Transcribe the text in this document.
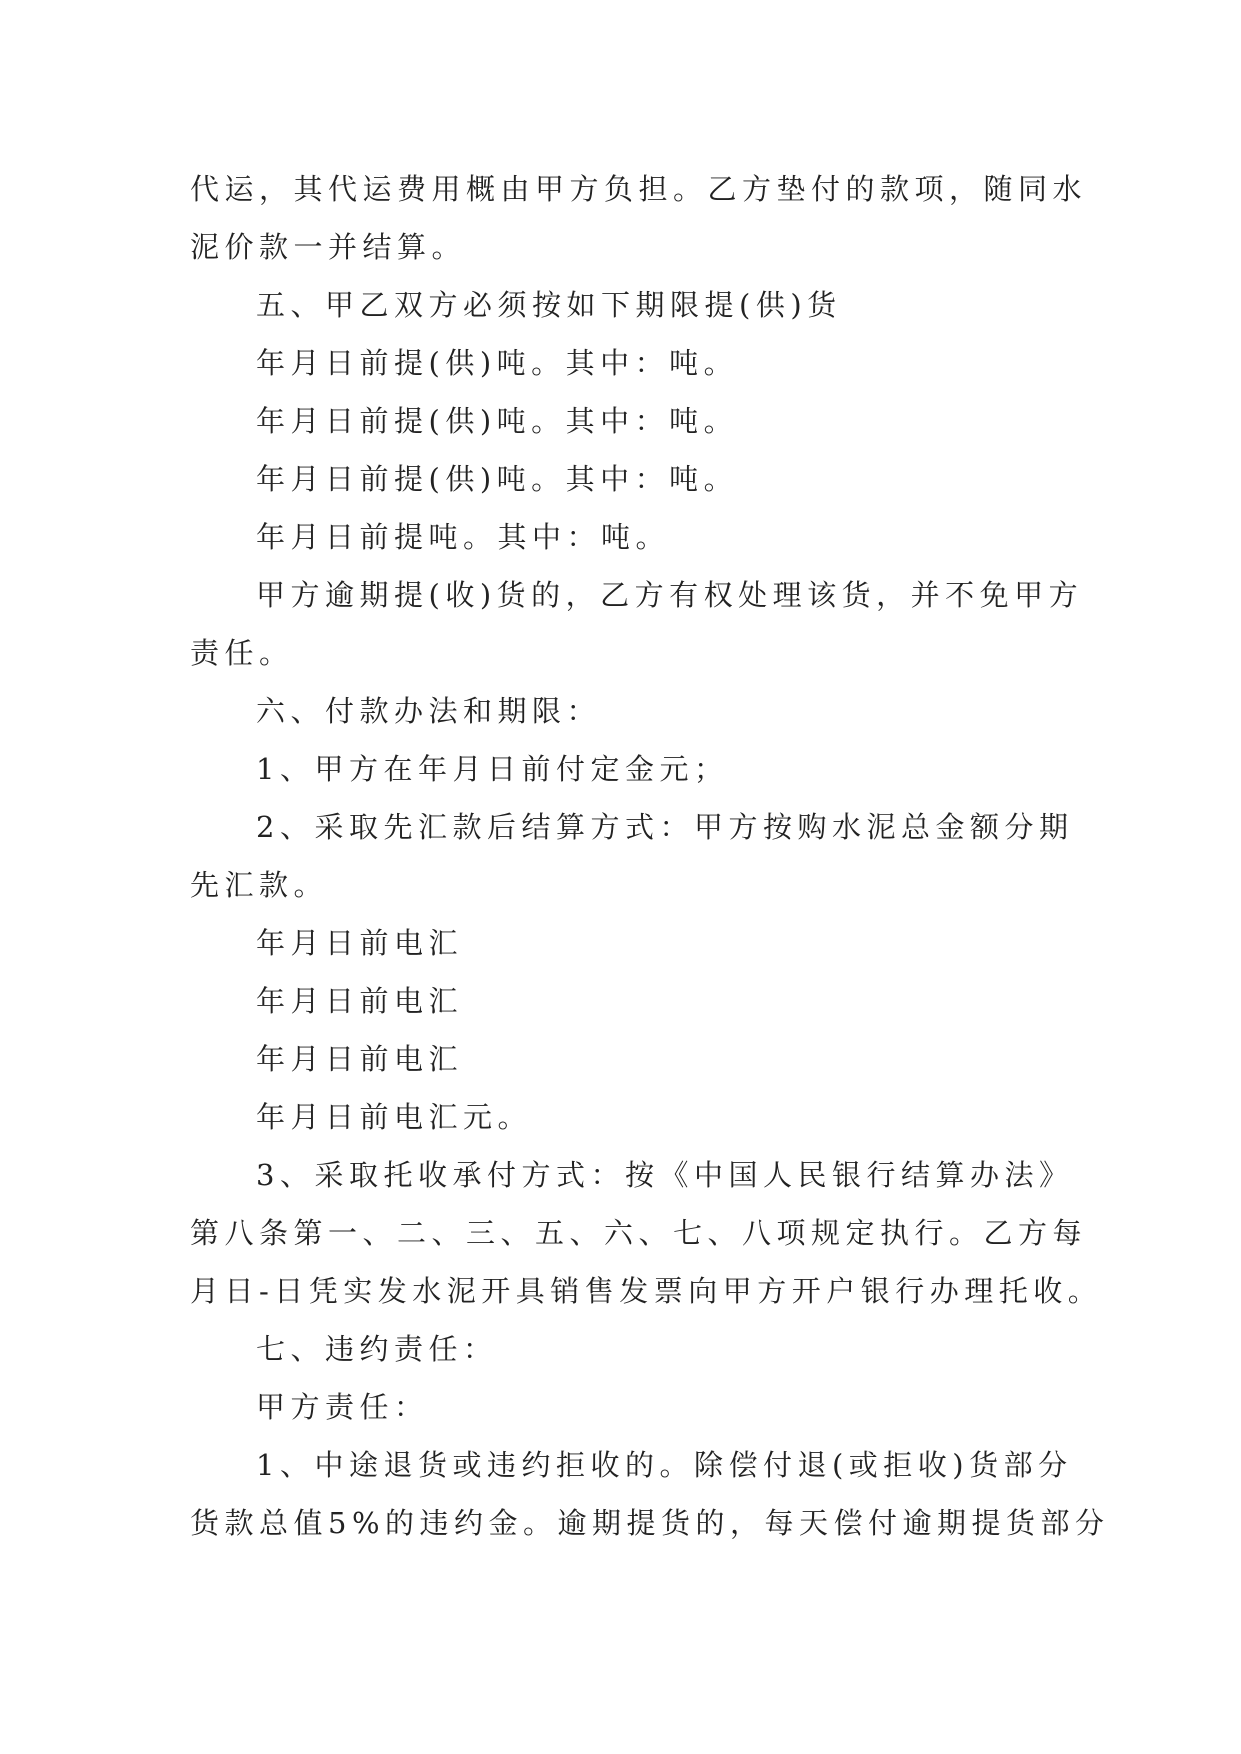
代运，其代运费用概由甲方负担。乙方垫付的款项，随同水

泥价款一并结算。

五、甲乙双方必须按如下期限提(供)货

年月日前提(供)吨。其中：吨。

年月日前提(供)吨。其中：吨。

年月日前提(供)吨。其中：吨。

年月日前提吨。其中：吨。

甲方逾期提(收)货的，乙方有权处理该货，并不免甲方

责任。

六、付款办法和期限：

1、甲方在年月日前付定金元；

2、采取先汇款后结算方式：甲方按购水泥总金额分期

先汇款。

年月日前电汇

年月日前电汇

年月日前电汇

年月日前电汇元。

3、采取托收承付方式：按《中国人民银行结算办法》

第八条第一、二、三、五、六、七、八项规定执行。乙方每

月日-日凭实发水泥开具销售发票向甲方开户银行办理托收。

七、违约责任：

甲方责任：

1、中途退货或违约拒收的。除偿付退(或拒收)货部分

货款总值5%的违约金。逾期提货的，每天偿付逾期提货部分
